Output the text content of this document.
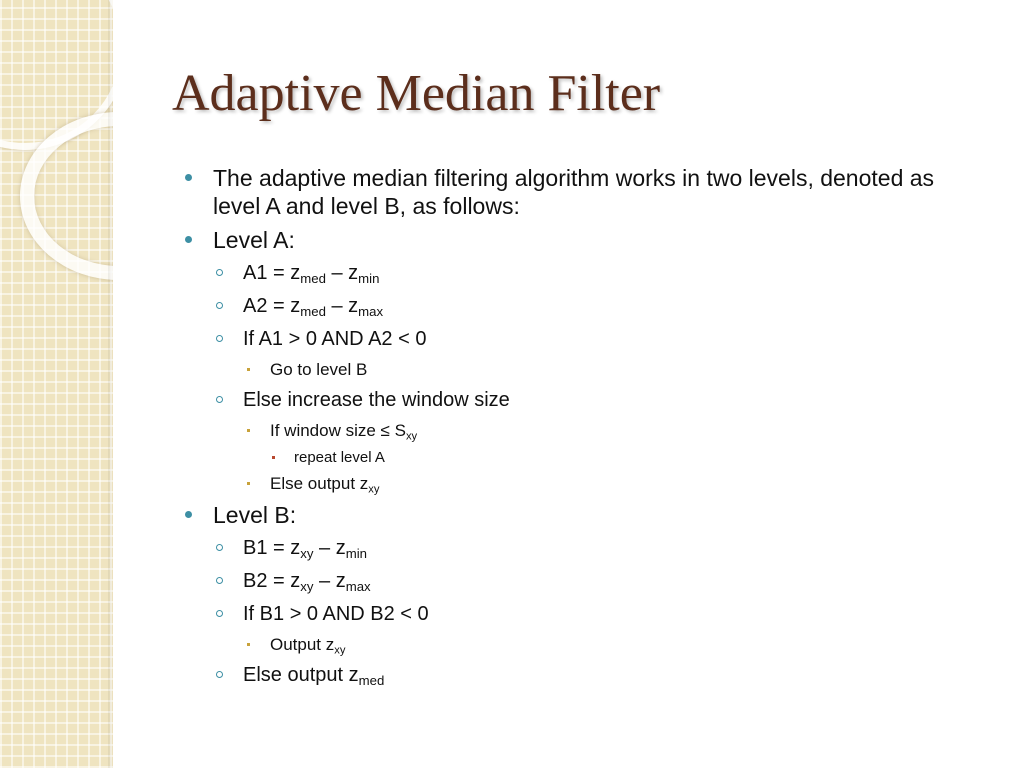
Adaptive Median Filter
The adaptive median filtering algorithm works in two levels, denoted as level A and level B, as follows:
Level A:
$A1 = z_{med} - z_{min}$
$A2 = z_{med} - z_{max}$
If A1 > 0 AND A2 < 0
Go to level B
Else increase the window size
If window size ≤ $S_{xy}$
repeat level A
Else output $z_{xy}$
Level B:
$B1 = z_{xy} - z_{min}$
$B2 = z_{xy} - z_{max}$
If B1 > 0 AND B2 < 0
Output $z_{xy}$
Else output $z_{med}$
